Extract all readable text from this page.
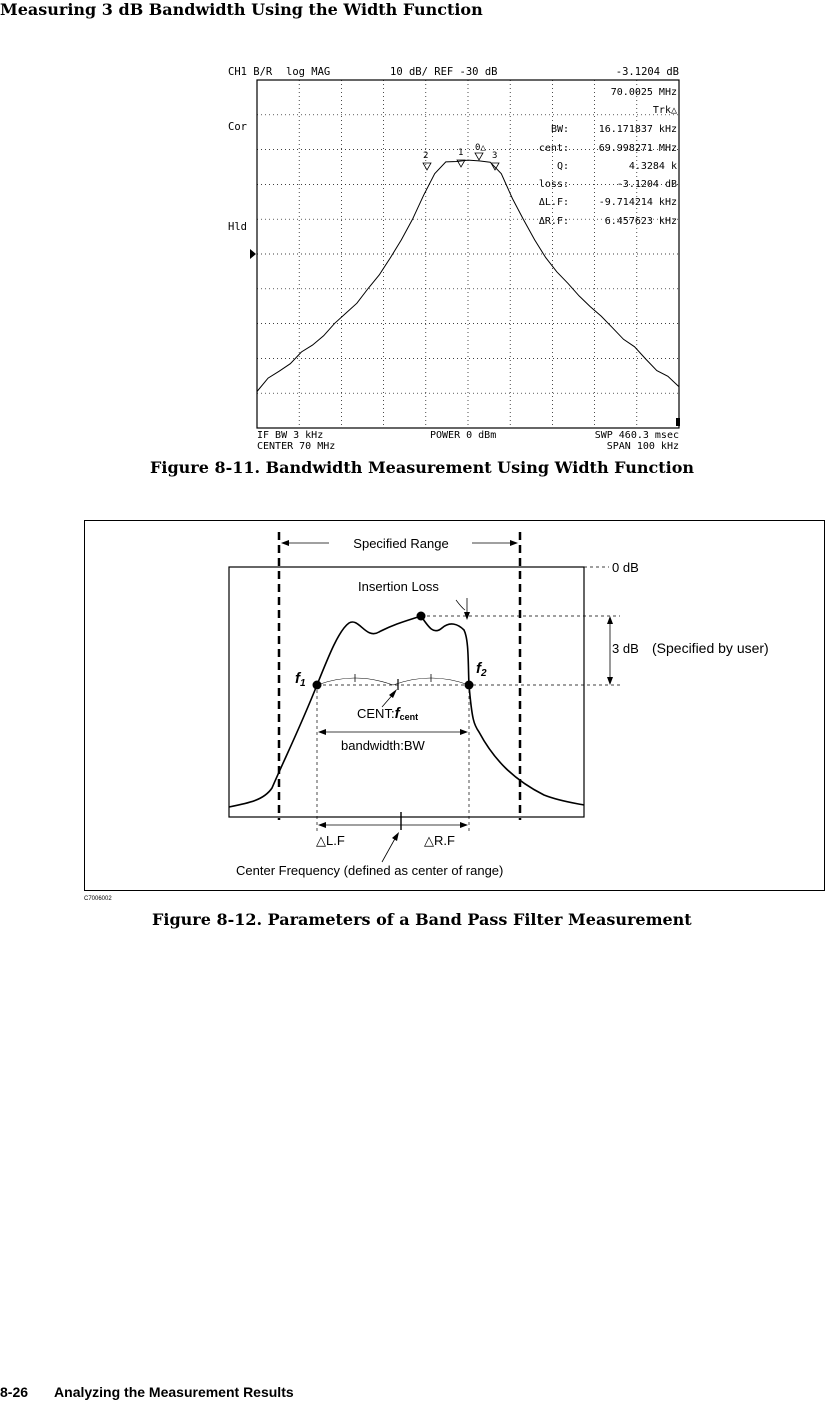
Measuring 3 dB Bandwidth Using the Width Function
CH1 B/R log MAG	10 dB/ REF -30 dB	-3.1204 dB
Cor
Hld
2	1 0△
3
70.0025 MHz
Trk△
BW:	16.171837 kHz
cent:	69.998271 MHz
Q:	4.3284 k
loss:	-3.1204 dB
ΔL.F:	-9.714214 kHz
ΔR.F:	6.457623 kHz
IF BW 3 kHz	POWER 0 dBm	SWP 460.3 msec
CENTER 70 MHz	SPAN 100 kHz
Figure 8-11. Bandwidth Measurement Using Width Function
Specified Range
0 dB
Insertion Loss
3 dB (Specified by user)
$f_1$
$f_2$
CENT:fcent
bandwidth:BW
△L.F	△R.F
Center Frequency (defined as center of range)
C7006002
Figure 8-12. Parameters of a Band Pass Filter Measurement
8-26 Analyzing the Measurement Results
